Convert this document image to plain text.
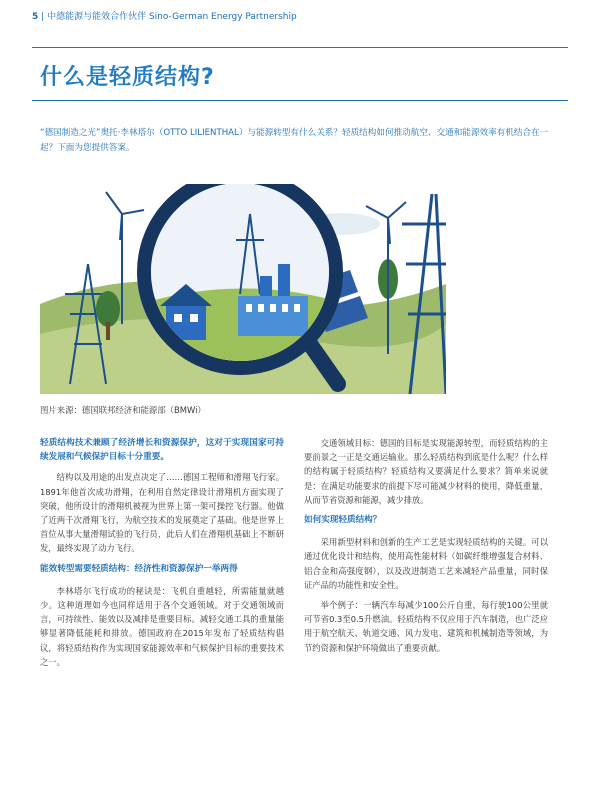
5 | 中德能源与能效合作伙伴 Sino-German Energy Partnership
什么是轻质结构?
“德国制造之光”奥托·李林塔尔（OTTO LILIENTHAL）与能源转型有什么关系？轻质结构如何推动航空、交通和能源效率有机结合在一起？下面为您提供答案。
图片来源：德国联邦经济和能源部（BMWi）

轻质结构技术兼顾了经济增长和资源保护，这对于实现国家可持续发展和气候保护目标十分重要。

结构以及用途的出发点决定了……德国工程师和滑翔飞行家。1891年他首次成功滑翔，在利用自然定律设计滑翔机方面实现了突破，他所设计的滑翔机被视为世界上第一架可操控飞行器。他做了近两千次滑翔飞行，为航空技术的发展奠定了基础。他是世界上首位从事大量滑翔试验的飞行员，此后人们在滑翔机基础上不断研发，最终实现了动力飞行。

能效转型需要轻质结构：经济性和资源保护一举两得

李林塔尔飞行成功的秘诀是：飞机自重越轻，所需能量就越少。这种道理如今也同样适用于各个交通领域。对于交通领域而言，可持续性、能效以及减排是重要目标。减轻交通工具的重量能够显著降低能耗和排放。德国政府在2015年发布了轻质结构倡议，将轻质结构作为实现国家能源效率和气候保护目标的重要技术之一。

交通领域目标：德国的目标是实现能源转型，而轻质结构的主要前景之一正是交通运输业。那么轻质结构到底是什么呢？什么样的结构属于轻质结构？轻质结构又要满足什么要求？简单来说就是：在满足功能要求的前提下尽可能减少材料的使用，降低重量，从而节省资源和能源，减少排放。

如何实现轻质结构？

采用新型材料和创新的生产工艺是实现轻质结构的关键。可以通过优化设计和结构，使用高性能材料（如碳纤维增强复合材料、铝合金和高强度钢），以及改进制造工艺来减轻产品重量，同时保证产品的功能性和安全性。

举个例子：一辆汽车每减少100公斤自重，每行驶100公里就可节省0.3至0.5升燃油。轻质结构不仅应用于汽车制造，也广泛应用于航空航天、轨道交通、风力发电、建筑和机械制造等领域，为节约资源和保护环境做出了重要贡献。
